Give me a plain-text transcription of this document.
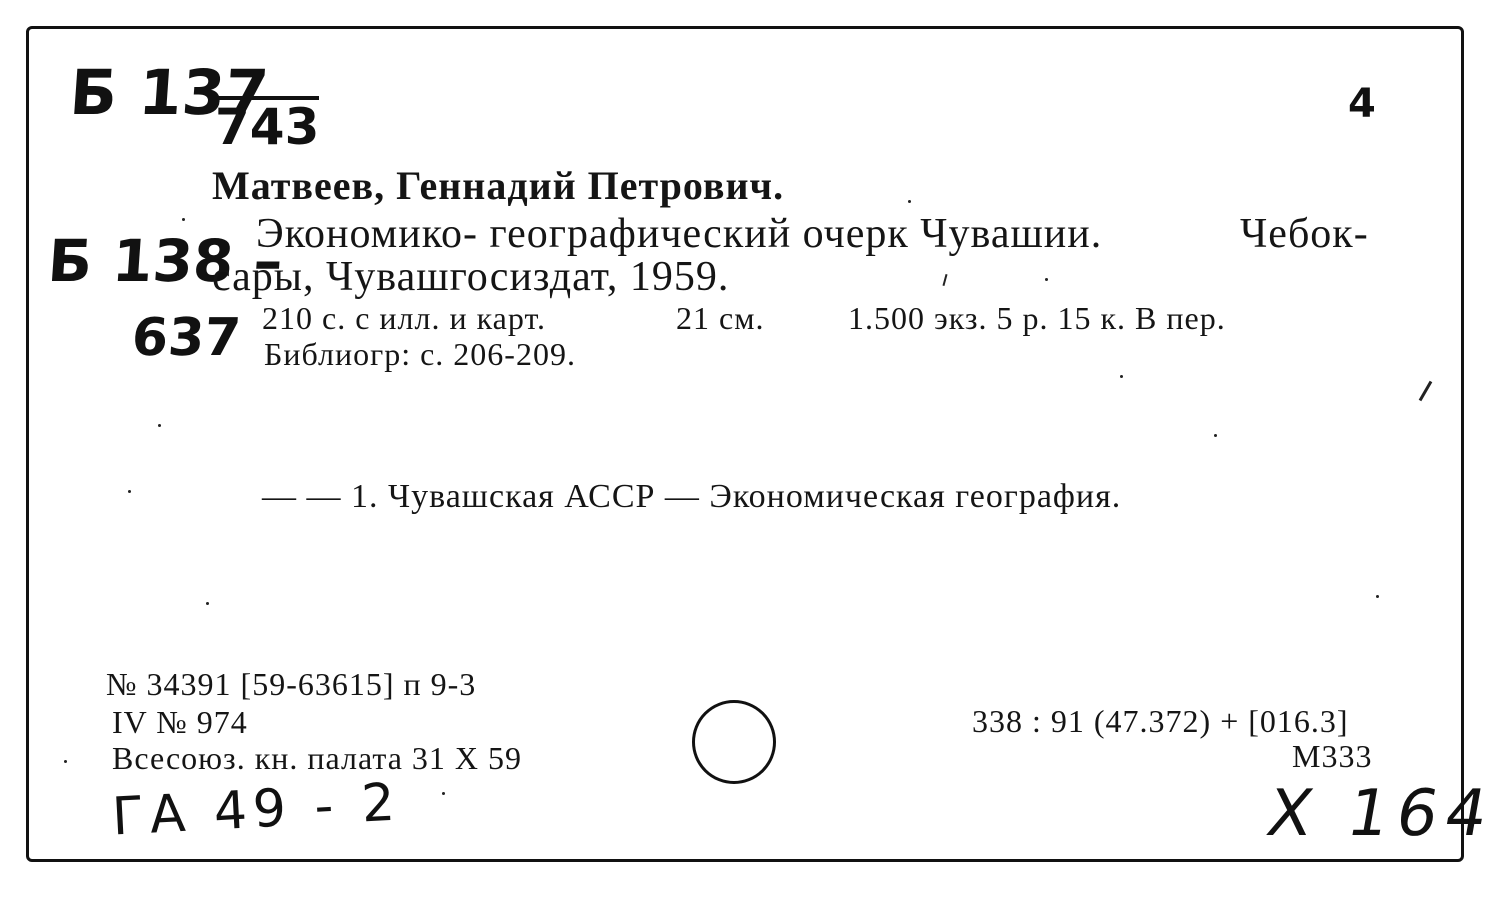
Б 137
743	4
Б 138 –
637
Матвеев, Геннадий Петрович.
Экономико- географический очерк Чувашии.	Чебок-
сары, Чувашгосиздат, 1959.
210 с. с илл. и карт.	21 см.	1.500 экз. 5 р. 15 к. В пер.
Библиогр: с. 206-209.
— — 1. Чувашская АССР — Экономическая география.
№ 34391 [59-63615] п 9-3
IV № 974
Всесоюз. кн. палата 31 X 59
338 : 91 (47.372) + [016.3]
М333
ГА 49 - 2	X 164
